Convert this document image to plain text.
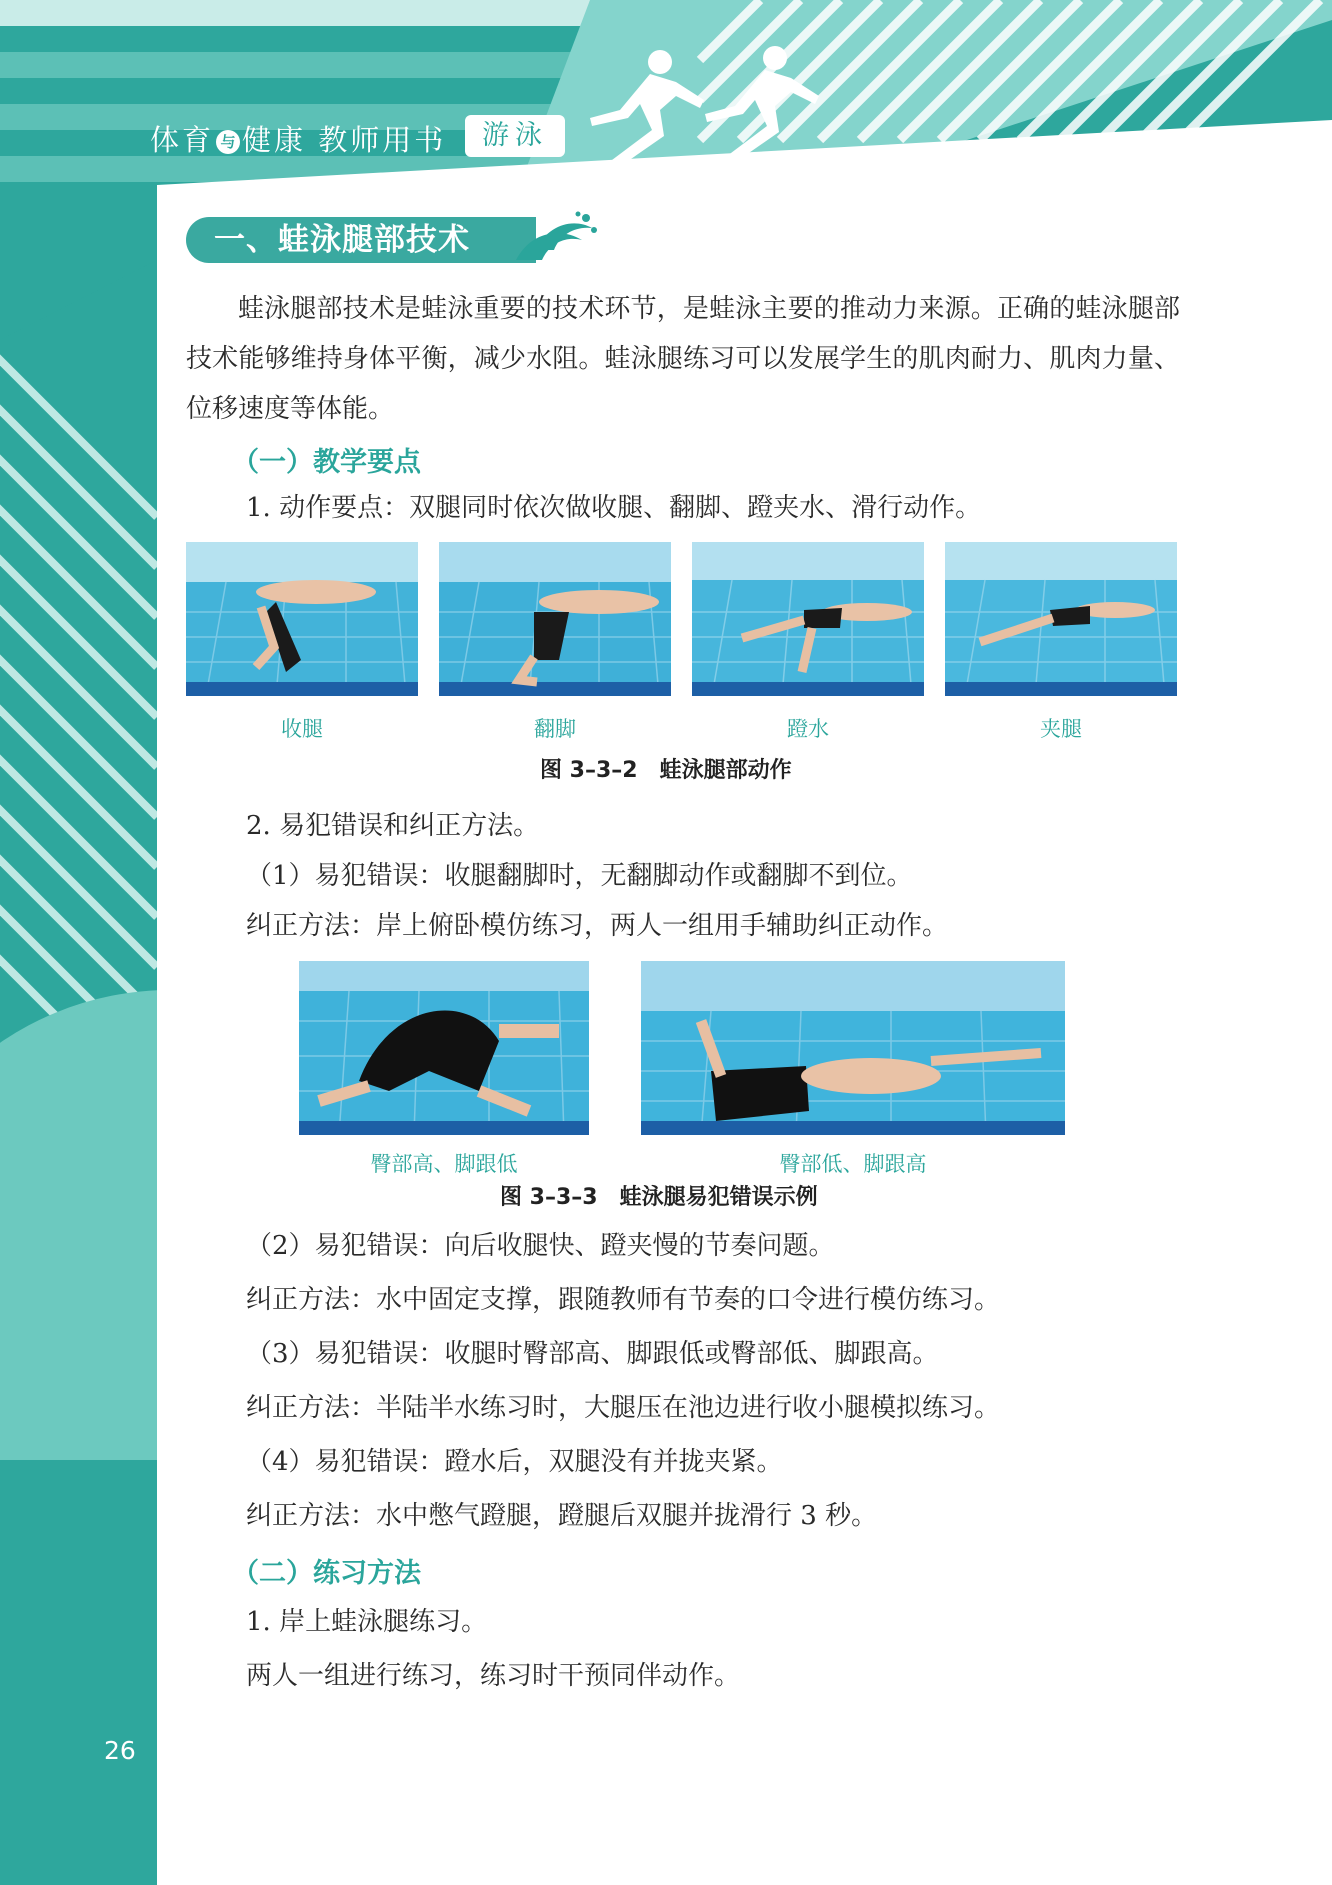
体育 与 健康 教师用书	游泳
一、蛙泳腿部技术
蛙泳腿部技术是蛙泳重要的技术环节，是蛙泳主要的推动力来源。正确的蛙泳腿部技术能够维持身体平衡，减少水阻。蛙泳腿练习可以发展学生的肌肉耐力、肌肉力量、位移速度等体能。
（一）教学要点
1. 动作要点：双腿同时依次做收腿、翻脚、蹬夹水、滑行动作。
收腿	翻脚	蹬水	夹腿
图 3–3–2　蛙泳腿部动作
2. 易犯错误和纠正方法。
（1）易犯错误：收腿翻脚时，无翻脚动作或翻脚不到位。
纠正方法：岸上俯卧模仿练习，两人一组用手辅助纠正动作。
臀部高、脚跟低	臀部低、脚跟高
图 3–3–3　蛙泳腿易犯错误示例
（2）易犯错误：向后收腿快、蹬夹慢的节奏问题。
纠正方法：水中固定支撑，跟随教师有节奏的口令进行模仿练习。
（3）易犯错误：收腿时臀部高、脚跟低或臀部低、脚跟高。
纠正方法：半陆半水练习时，大腿压在池边进行收小腿模拟练习。
（4）易犯错误：蹬水后，双腿没有并拢夹紧。
纠正方法：水中憋气蹬腿，蹬腿后双腿并拢滑行 3 秒。
（二）练习方法
1. 岸上蛙泳腿练习。
两人一组进行练习，练习时干预同伴动作。
26
